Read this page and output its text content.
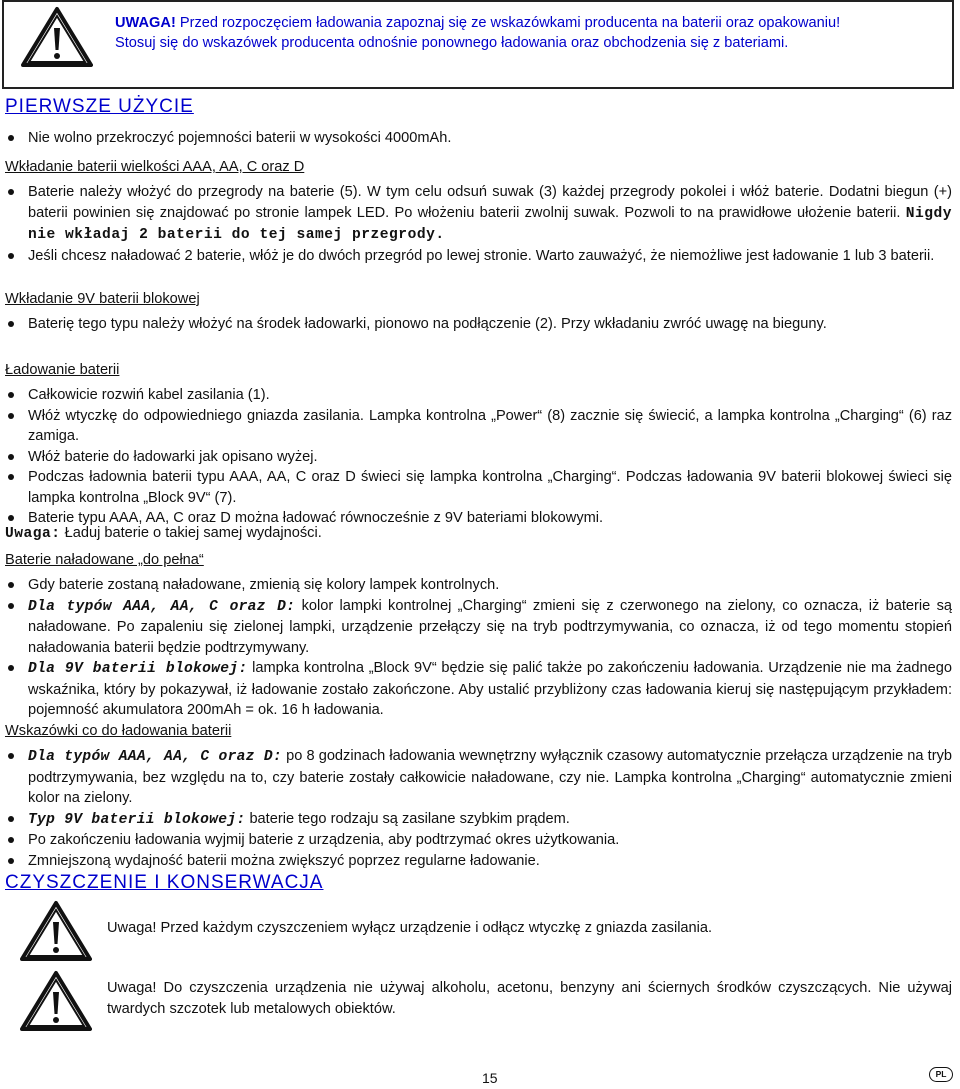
UWAGA! Przed rozpoczęciem ładowania zapoznaj się ze wskazówkami producenta na baterii oraz opakowaniu!
Stosuj się do wskazówek producenta odnośnie ponownego ładowania oraz obchodzenia się z bateriami.
PIERWSZE UŻYCIE
Nie wolno przekroczyć pojemności baterii w wysokości 4000mAh.
Wkładanie baterii wielkości AAA, AA, C oraz D
Baterie należy włożyć do przegrody na baterie (5). W tym celu odsuń suwak (3) każdej przegrody pokolei i włóż baterie. Dodatni biegun (+) baterii powinien się znajdować po stronie lampek LED. Po włożeniu baterii zwolnij suwak. Pozwoli to na prawidłowe ułożenie baterii. Nigdy nie wkładaj 2 baterii do tej samej przegrody.
Jeśli chcesz naładować 2 baterie, włóż je do dwóch przegród po lewej stronie. Warto zauważyć, że niemożliwe jest ładowanie 1 lub 3 baterii.
Wkładanie 9V baterii blokowej
Baterię tego typu należy włożyć na środek ładowarki, pionowo na podłączenie (2). Przy wkładaniu zwróć uwagę na bieguny.
Ładowanie baterii
Całkowicie rozwiń kabel zasilania (1).
Włóż wtyczkę do odpowiedniego gniazda zasilania. Lampka kontrolna „Power“ (8) zacznie się świecić, a lampka kontrolna „Charging“ (6) raz zamiga.
Włóż baterie do ładowarki jak opisano wyżej.
Podczas ładownia baterii typu AAA, AA, C oraz D świeci się lampka kontrolna „Charging“. Podczas ładowania 9V baterii blokowej świeci się lampka kontrolna „Block 9V“ (7).
Baterie typu AAA, AA, C oraz D można ładować równocześnie z 9V bateriami blokowymi.
Uwaga: Ładuj baterie o takiej samej wydajności.
Baterie naładowane „do pełna“
Gdy baterie zostaną naładowane, zmienią się kolory lampek kontrolnych.
Dla typów AAA, AA, C oraz D: kolor lampki kontrolnej „Charging“ zmieni się z czerwonego na zielony, co oznacza, iż baterie są naładowane. Po zapaleniu się zielonej lampki, urządzenie przełączy się na tryb podtrzymywania, co oznacza, iż od tego momentu stopień naładowania baterii będzie podtrzymywany.
Dla 9V baterii blokowej: lampka kontrolna „Block 9V“ będzie się palić także po zakończeniu ładowania. Urządzenie nie ma żadnego wskaźnika, który by pokazywał, iż ładowanie zostało zakończone. Aby ustalić przybliżony czas ładowania kieruj się następującym przykładem: pojemność akumulatora 200mAh = ok. 16 h ładowania.
Wskazówki co do ładowania baterii
Dla typów AAA, AA, C oraz D: po 8 godzinach ładowania wewnętrzny wyłącznik czasowy automatycznie przełącza urządzenie na tryb podtrzymywania, bez względu na to, czy baterie zostały całkowicie naładowane, czy nie. Lampka kontrolna „Charging“ automatycznie zmieni kolor na zielony.
Typ 9V baterii blokowej: baterie tego rodzaju są zasilane szybkim prądem.
Po zakończeniu ładowania wyjmij baterie z urządzenia, aby podtrzymać okres użytkowania.
Zmniejszoną wydajność baterii można zwiększyć poprzez regularne ładowanie.
CZYSZCZENIE I KONSERWACJA
Uwaga! Przed każdym czyszczeniem wyłącz urządzenie i odłącz wtyczkę z gniazda zasilania.
Uwaga! Do czyszczenia urządzenia nie używaj alkoholu, acetonu, benzyny ani ściernych środków czyszczących. Nie używaj twardych szczotek lub metalowych obiektów.
15	PL
